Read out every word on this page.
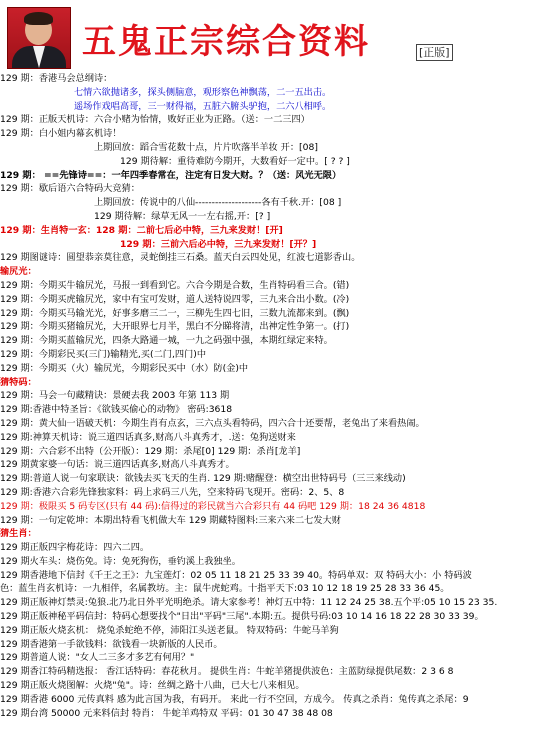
五鬼正宗综合资料	[正版]
129 期：香港马会总纲诗：
七情六欲抛诸多，探头侧脑意，观形察色神飘荡，二一五出击。
遥场作戏唱高哥，三一财得福，五脏六腑头驴抱，二六八相呼。
129 期：正版天机诗：六合小赌为怡情，败好正业为正路。（送：一二三四）
129 期：白小姐内幕玄机诗！
上期回放：蹈合雪花数十点，片片吹落半羊妆 开：[08]
129 期待解：重待难防今期开，大数看好一定中。[ ? ? ]
129 期： ==先锋诗==：一年四季春常在，注定有日发大财。？（送：风光无限）
129 期：歇后语六合特码大竞猜：
上期回放：传说中的八仙--------------------各有千秋.开：[08 ]
129 期待解：绿草无风一一左右摇,开：[? ]
129 期：生肖特一玄：128 期：二前七后必中特，三九来发财！[开]
129 期：三前六后必中特，三九来发财！[开？]
129 期图谜诗：圆望恭亲莫往意，灵蛇倒挂三石桑。蓝天白云四处见，红波七道影香山。
输尻光：
129 期：今期买牛输尻光，马报一到看到它。六合今期是合数，生肖特码看三合。(错)
129 期：今期买虎输尻光，家中有宝可发财，道人送特说四零，三九来合出小数。(冷)
129 期：今期买马输光光，好事多磨三二一，三柳先生四七旧，三数九流都来到。(飘)
129 期：今期买猪输尻光，大开眼界七月半，黑白不分睇将清，出神定性争第一。(打)
129 期：今期买蓝输尻光，四条大路通一城，一九之码强中强，本期红绿定来特。
129 期：今期彩民买(三门)输精光,买(二门,四门)中
129 期：今期买（火）输尻光，今期彩民买中（水）防(金)中
猜特码：
129 期：马会一句藏精诀：景硬去我 2003 年第 113 期
129 期:香港中特圣旨：《欲钱买偷心的动物》 密码:3618
129 期：黄大仙一语破天机：今期生肖有点玄，三六点头看特码，四六合十还要帮，老兔出了来看热闹。
129 期:神算天机诗：说三道四话真多,财高八斗真秀才，.送：兔狗送财来
129 期：六合彩不出特（公开版）：129 期：杀尾[0] 129 期：杀肖[龙羊]
129 期黄家婆一句话：说三道四话真多,财高八斗真秀才。
129 期:普道人说一句家联诀：欲钱去买飞天的生肖. 129 期:赌醒登：横空出世特码号（三三来线动)
129 期:香港六合彩先锋独家料：码上求码三八先，空来特码飞现开。密码：2、5、8
129 期：极限买 5 码专区(只有 44 码):信得过的彩民就当六合彩只有 44 码吧 129 期：18 24 36 4818
129 期：一句定乾坤：本期出特看飞机做大车 129 期藏特图料:三来六来二七发大财
猜生肖：
129 期正版四字梅花诗：四六二四。
129 期火车头：烧伤免。诗：免死狗伤，垂钓溪上我独坐。
129 期香港地下信封《千王之王》：九宝莲灯：02 05 11 18 21 25 33 39 40。特码单双：双 特码大小：小 特码波
色：蓝生肖玄机诗：一九相伴，名属教坊。主：鼠牛虎蛇鸡。十指平天下:03 10 12 18 19 25 28 33 36 45。
129 期正版神灯禁灵:兔狼.北乃北日外平光明绝杀。请大家参考！神灯五中特：11 12 24 25 38.五个平:05 10 15 23 35.
129 期正版神秘平码信封：特码心想要找个"日出"平码"三尾".本期:五。提供号码:03 10 14 16 18 22 28 30 33 39。
129 期正版火烧玄机： 烧兔杀蛇绝不停，沛阳江头送老鼠。 特双特码：牛蛇马羊狗
129 期香港第一手欲钱料：欲钱看一块新版的人民币。
129 期普道人说："女人二三多才多艺有何用？"
129 期香江特码精选报： 香江话特码：春花秋月。 提供生肖：牛蛇羊猪提供波色：主蓝防绿提供尾数：2 3 6 8
129 期正版火烧图解：火烧"兔"。诗：丝绸之路十八曲，已大七八来相见。
129 期香港 6000 元传真料 感为此言国为我，有码开。 来此一行不空回，方成今。 传真之杀肖：兔传真之杀尾：9
129 期台湾 50000 元来料信封 特肖： 牛蛇羊鸡特双 平码：01 30 47 38 48 08
